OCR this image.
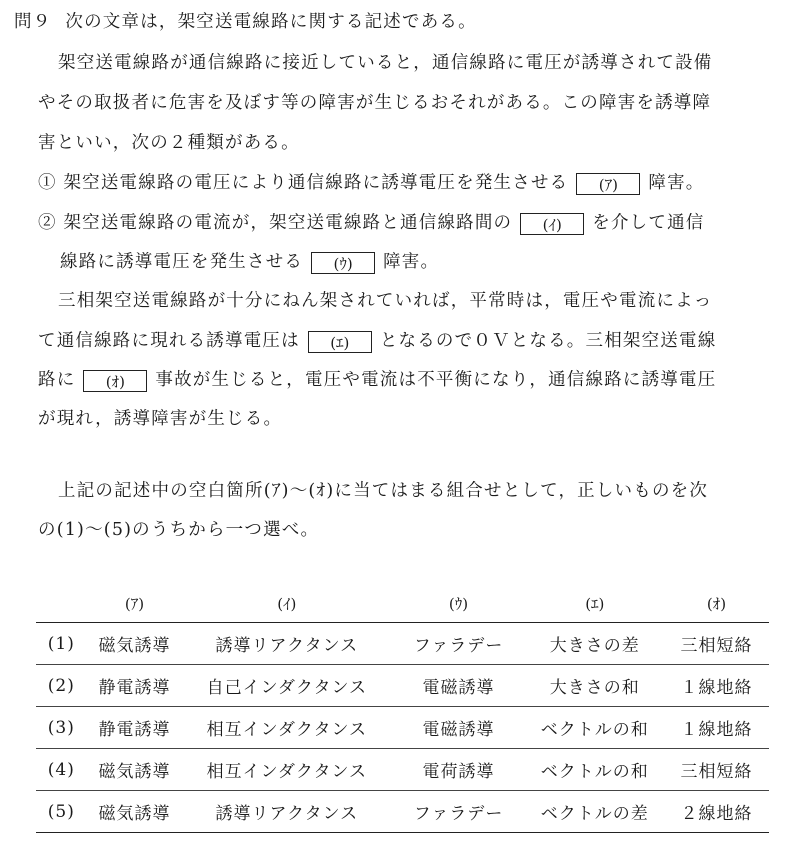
問９ 次の文章は，架空送電線路に関する記述である。
架空送電線路が通信線路に接近していると，通信線路に電圧が誘導されて設備
やその取扱者に危害を及ぼす等の障害が生じるおそれがある。この障害を誘導障
害といい，次の２種類がある。
① 架空送電線路の電圧により通信線路に誘導電圧を発生させる (ｱ) 障害。
② 架空送電線路の電流が，架空送電線路と通信線路間の (ｲ) を介して通信
線路に誘導電圧を発生させる (ｳ) 障害。
三相架空送電線路が十分にねん架されていれば，平常時は，電圧や電流によっ
て通信線路に現れる誘導電圧は (ｴ) となるので０Ｖとなる。三相架空送電線
路に (ｵ) 事故が生じると，電圧や電流は不平衡になり，通信線路に誘導電圧
が現れ，誘導障害が生じる。
上記の記述中の空白箇所(ｱ)～(ｵ)に当てはまる組合せとして，正しいものを次
の(1)～(5)のうちから一つ選べ。
	(ｱ)	(ｲ)	(ｳ)	(ｴ)	(ｵ)
(1)	磁気誘導	誘導リアクタンス	ファラデー	大きさの差	三相短絡
(2)	静電誘導	自己インダクタンス	電磁誘導	大きさの和	１線地絡
(3)	静電誘導	相互インダクタンス	電磁誘導	ベクトルの和	１線地絡
(4)	磁気誘導	相互インダクタンス	電荷誘導	ベクトルの和	三相短絡
(5)	磁気誘導	誘導リアクタンス	ファラデー	ベクトルの差	２線地絡
